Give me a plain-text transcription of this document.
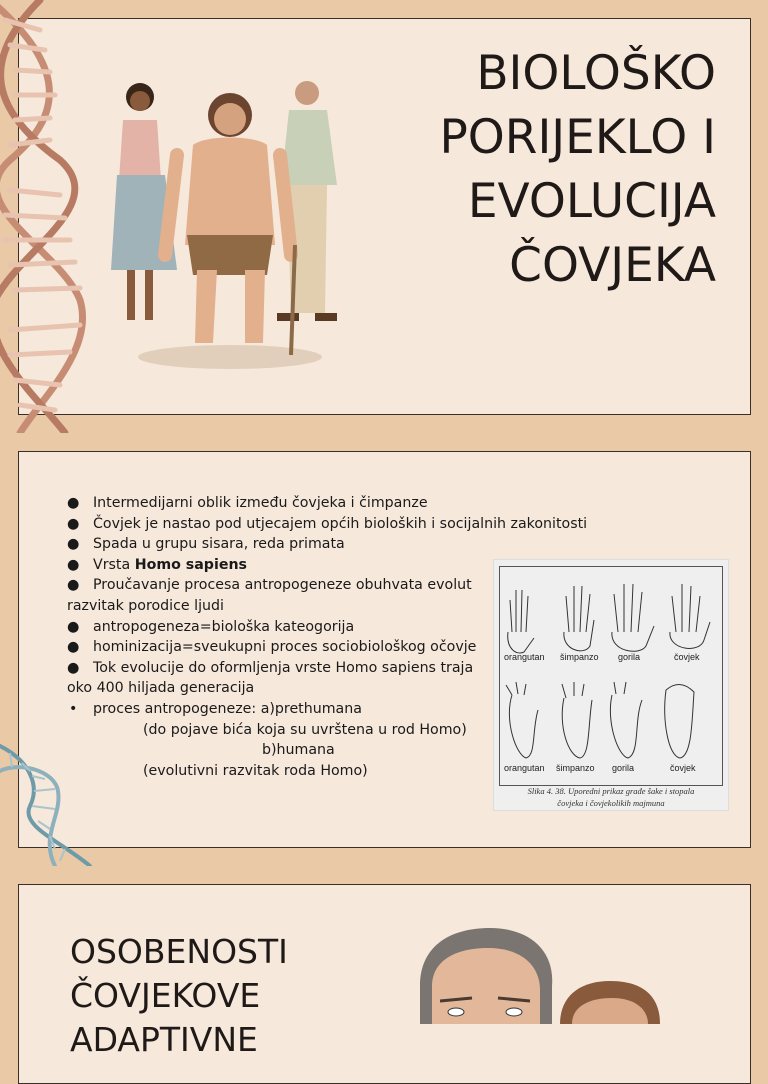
BIOLOŠKO
PORIJEKLO I
EVOLUCIJA
ČOVJEKA
● Intermedijarni oblik između čovjeka i čimpanze
● Čovjek je nastao pod utjecajem općih bioloških i socijalnih zakonitosti
● Spada u grupu sisara, reda primata
● Vrsta Homo sapiens
● Proučavanje procesa antropogeneze obuhvata evolut
razvitak porodice ljudi
● antropogeneza=biološka kateogorija
● hominizacija=sveukupni proces sociobiološkog očovje
● Tok evolucije do oformljenja vrste Homo sapiens traja
oko 400 hiljada generacija
• proces antropogeneze: a)prethumana
(do pojave bića koja su uvrštena u rod Homo)
b)humana
(evolutivni razvitak roda Homo)
orangutan šimpanzo gorila	čovjek
orangutan šimpanzo gorila	čovjek
Slika 4. 38. Uporedni prikaz građe šake i stopala
čovjeka i čovjekolikih majmuna
OSOBENOSTI
ČOVJEKOVE
ADAPTIVNE
